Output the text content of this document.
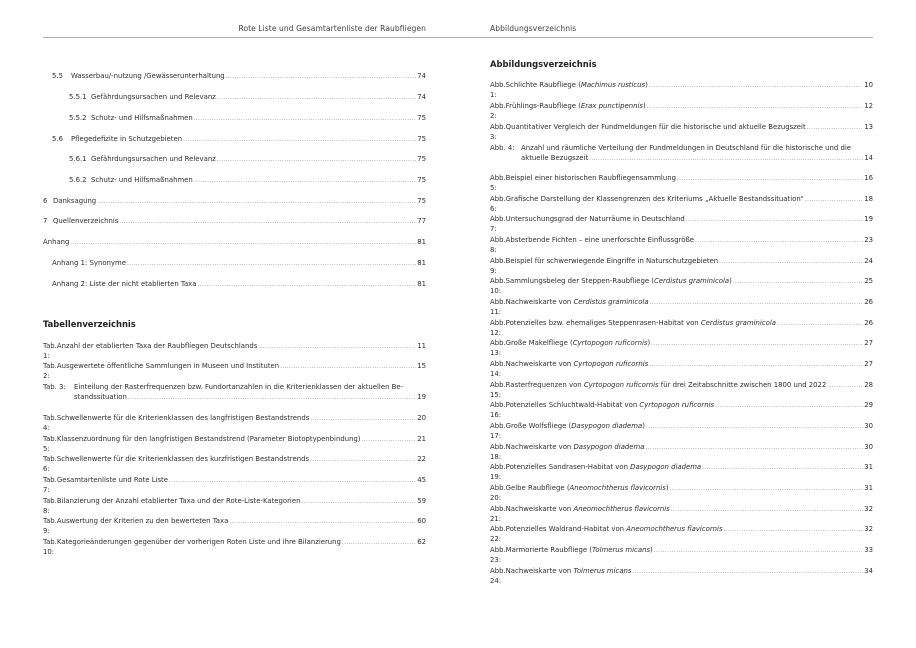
Rote Liste und Gesamtartenliste der Raubfliegen	Abbildungsverzeichnis
5.5	Wasserbau/-nutzung /Gewässerunterhaltung .....	74
5.5.1 Gefährdungsursachen und Relevanz .....	74
5.5.2 Schutz- und Hilfsmaßnahmen .....	75
5.6	Pflegedefizite in Schutzgebieten .....	75
5.6.1 Gefährdungsursachen und Relevanz .....	75
5.6.2 Schutz- und Hilfsmaßnahmen .....	75
6 Danksagung .....	75
7 Quellenverzeichnis .....	77
Anhang .....	81
Anhang 1: Synonyme .....	81
Anhang 2: Liste der nicht etablierten Taxa .....	81
Tabellenverzeichnis
Tab. 1:
Anzahl der etablierten Taxa der Raubfliegen Deutschlands .....	11
Tab. 2:
Ausgewertete öffentliche Sammlungen in Museen und Instituten .....	15
Tab. 3:	Einteilung der Rasterfrequenzen bzw. Fundortanzahlen in die Kriterienklassen der aktuellen Be-
standssituation .....	19
Tab. 4:
Schwellenwerte für die Kriterienklassen des langfristigen Bestandstrends .....	20
Tab. 5:
Klassenzuordnung für den langfristigen Bestandstrend (Parameter Biotoptypenbindung) .....	21
Tab. 6:
Schwellenwerte für die Kriterienklassen des kurzfristigen Bestandstrends .....	22
Tab. 7:
Gesamtartenliste und Rote Liste .....	45
Tab. 8:
Bilanzierung der Anzahl etablierter Taxa und der Rote-Liste-Kategorien .....	59
Tab. 9:
Auswertung der Kriterien zu den bewerteten Taxa .....	60
Tab. 10:
Kategorieänderungen gegenüber der vorherigen Roten Liste und ihre Bilanzierung .....	62
Abbildungsverzeichnis
Abb. 1:
Schlichte Raubfliege (Machimus rusticus) .....	10
Abb. 2:
Frühlings-Raubfliege (Erax punctipennis) .....	12
Abb. 3:
Quantitativer Vergleich der Fundmeldungen für die historische und aktuelle Bezugszeit .....	13
Abb. 4: Anzahl und räumliche Verteilung der Fundmeldungen in Deutschland für die historische und die
aktuelle Bezugszeit .....	14
Abb. 5:
Beispiel einer historischen Raubfliegensammlung .....	16
Abb. 6:
Grafische Darstellung der Klassengrenzen des Kriteriums „Aktuelle Bestandssituation“ .....	18
Abb. 7:
Untersuchungsgrad der Naturräume in Deutschland .....	19
Abb. 8:
Absterbende Fichten – eine unerforschte Einflussgröße .....	23
Abb. 9:
Beispiel für schwerwiegende Eingriffe in Naturschutzgebieten .....	24
Abb. 10:
Sammlungsbeleg der Steppen-Raubfliege (Cerdistus graminicola) .....	25
Abb. 11:
Nachweiskarte von Cerdistus graminicola .....	26
Abb. 12:
Potenzielles bzw. ehemaliges Steppenrasen-Habitat von Cerdistus graminicola .....	26
Abb. 13:
Große Makelfliege (Cyrtopogon ruficornis) .....	27
Abb. 14:
Nachweiskarte von Cyrtopogon ruficornis .....	27
Abb. 15:
Rasterfrequenzen von Cyrtopogon ruficornis für drei Zeitabschnitte zwischen 1800 und 2022 .....	28
Abb. 16:
Potenzielles Schluchtwald-Habitat von Cyrtopogon ruficornis .....	29
Abb. 17:
Große Wolfsfliege (Dasypogon diadema) .....	30
Abb. 18:
Nachweiskarte von Dasypogon diadema .....	30
Abb. 19:
Potenzielles Sandrasen-Habitat von Dasypogon diadema .....	31
Abb. 20:
Gelbe Raubfliege (Aneomochtherus flavicornis) .....	31
Abb. 21:
Nachweiskarte von Aneomochtherus flavicornis .....	32
Abb. 22:
Potenzielles Waldrand-Habitat von Aneomochtherus flavicornis .....	32
Abb. 23:
Marmorierte Raubfliege (Tolmerus micans) .....	33
Abb. 24:
Nachweiskarte von Tolmerus micans .....	34
